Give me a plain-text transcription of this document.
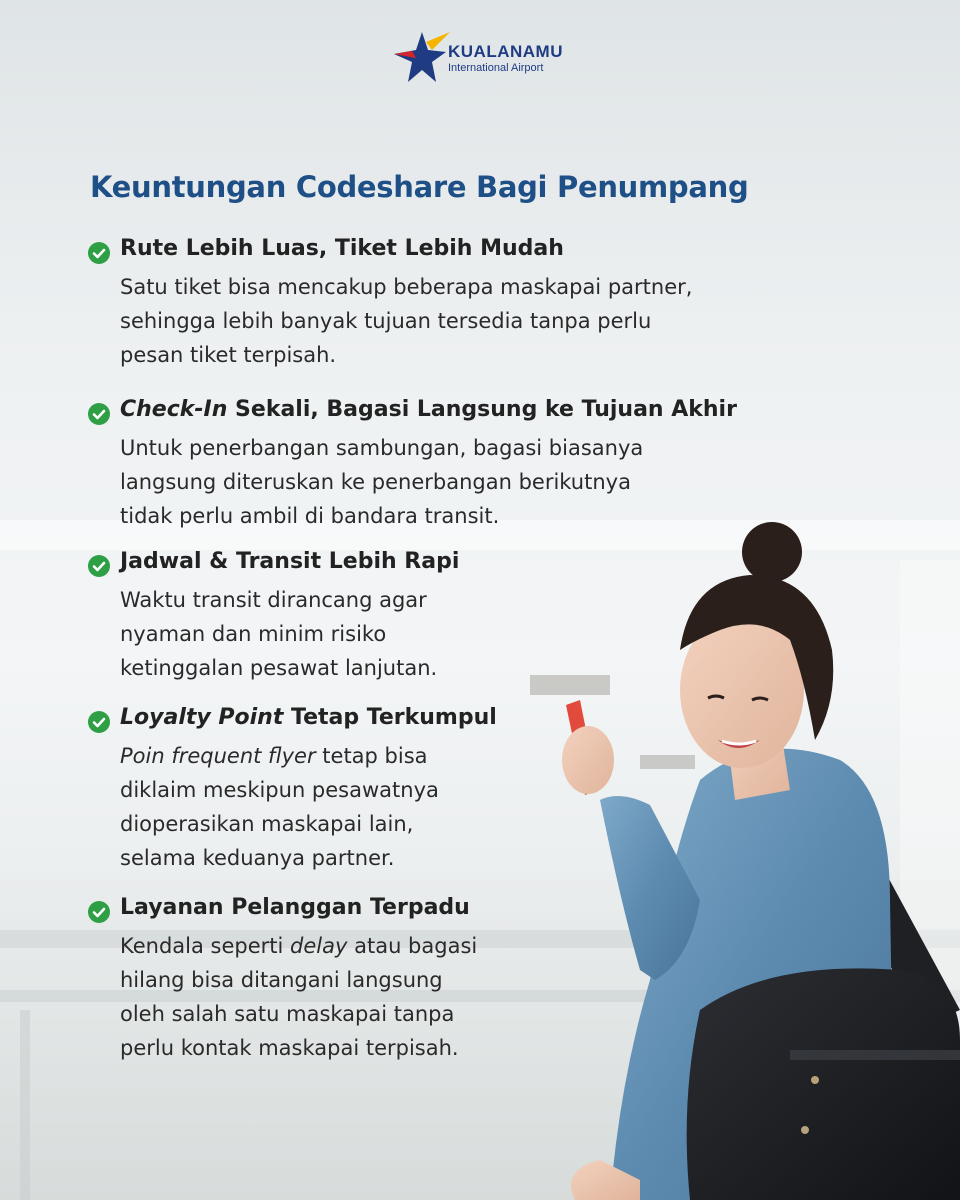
KUALANAMU
International Airport
Keuntungan Codeshare Bagi Penumpang
Rute Lebih Luas, Tiket Lebih Mudah
Satu tiket bisa mencakup beberapa maskapai partner,
sehingga lebih banyak tujuan tersedia tanpa perlu
pesan tiket terpisah.
Check-In Sekali, Bagasi Langsung ke Tujuan Akhir
Untuk penerbangan sambungan, bagasi biasanya
langsung diteruskan ke penerbangan berikutnya
tidak perlu ambil di bandara transit.
Jadwal & Transit Lebih Rapi
Waktu transit dirancang agar
nyaman dan minim risiko
ketinggalan pesawat lanjutan.
Loyalty Point Tetap Terkumpul
Poin frequent flyer tetap bisa
diklaim meskipun pesawatnya
dioperasikan maskapai lain,
selama keduanya partner.
Layanan Pelanggan Terpadu
Kendala seperti delay atau bagasi
hilang bisa ditangani langsung
oleh salah satu maskapai tanpa
perlu kontak maskapai terpisah.
